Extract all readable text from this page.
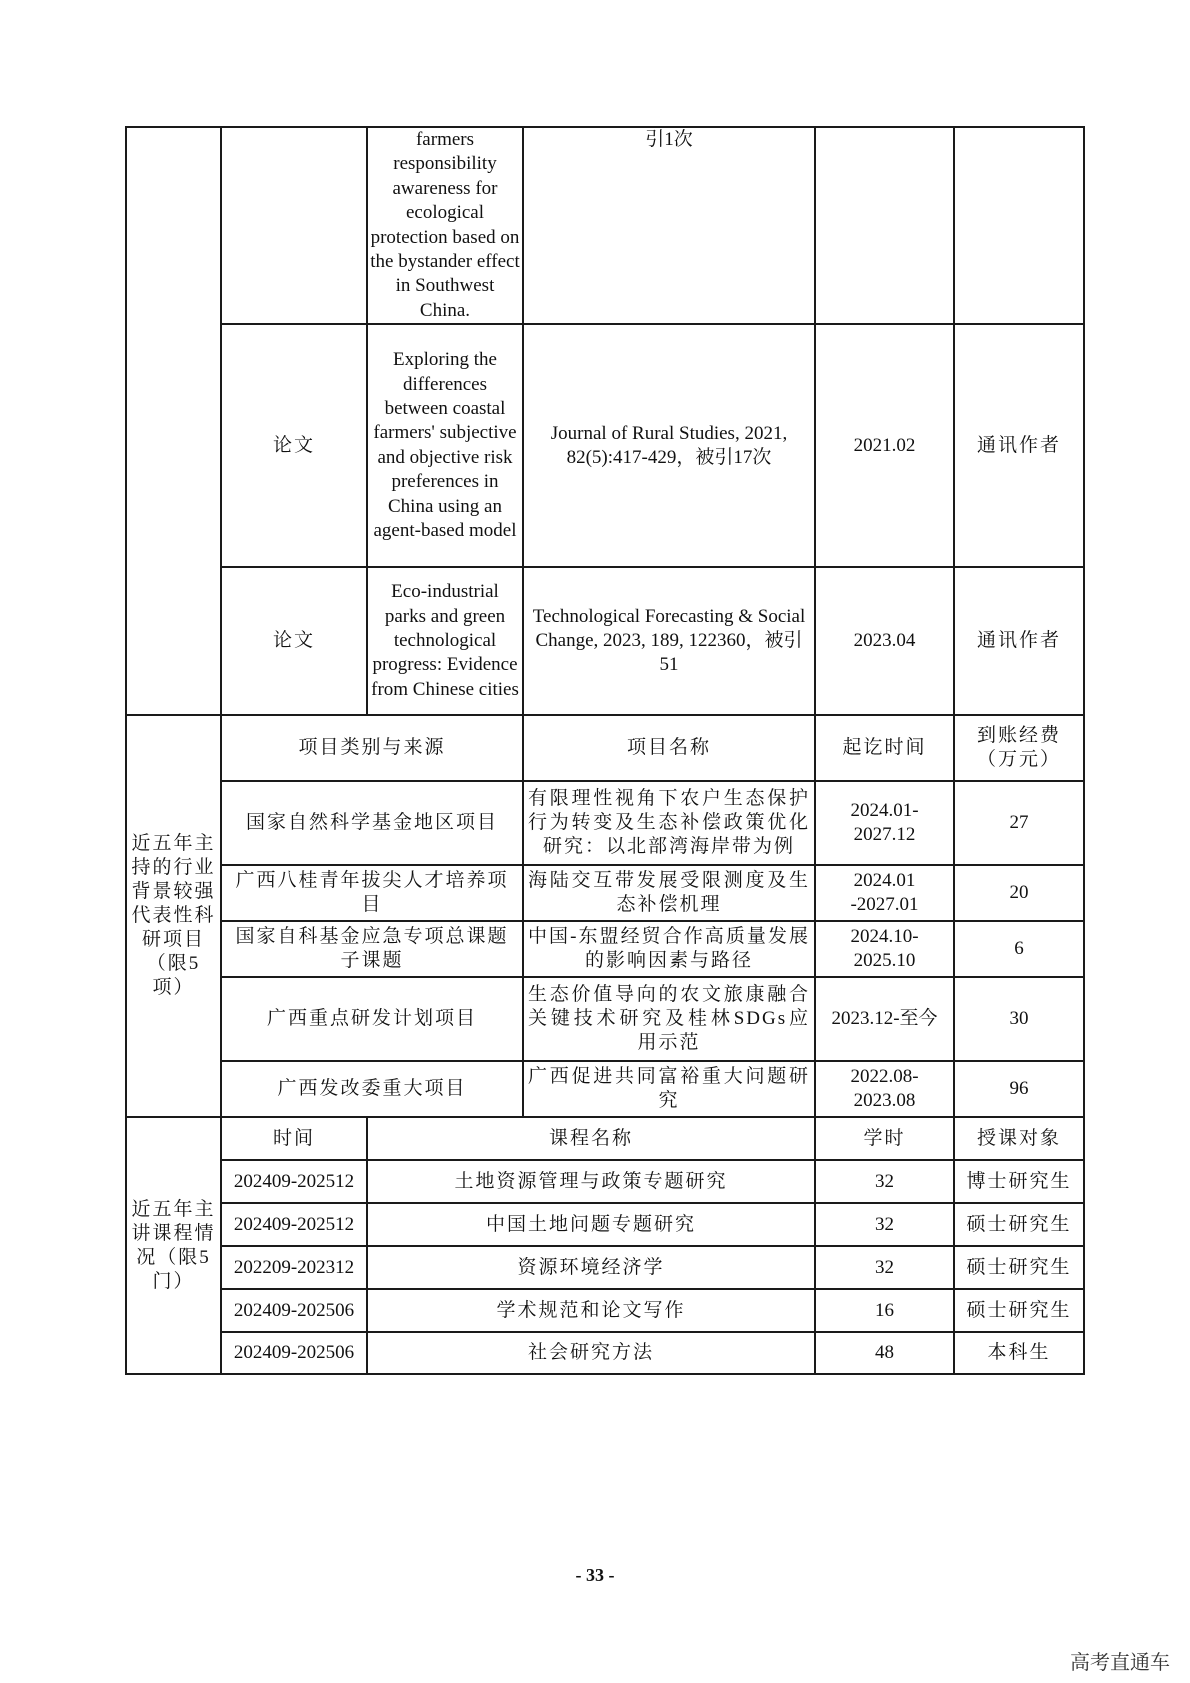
		farmers responsibility awareness for ecological protection based on the bystander effect in Southwest China.	引1次		
	论文	Exploring the differences between coastal farmers' subjective and objective risk preferences in China using an agent-based model	Journal of Rural Studies, 2021, 82(5):417-429，被引17次	2021.02	通讯作者
	论文	Eco-industrial parks and green technological progress: Evidence from Chinese cities	Technological Forecasting & Social Change, 2023, 189, 122360，被引51	2023.04	通讯作者
近五年主持的行业背景较强代表性科研项目（限5项）	项目类别与来源		项目名称	起讫时间	到账经费（万元）
	国家自然科学基金地区项目		有限理性视角下农户生态保护行为转变及生态补偿政策优化研究：以北部湾海岸带为例	2024.01-2027.12	27
	广西八桂青年拔尖人才培养项目		海陆交互带发展受限测度及生态补偿机理	2024.01 -2027.01	20
	国家自科基金应急专项总课题子课题		中国-东盟经贸合作高质量发展的影响因素与路径	2024.10-2025.10	6
	广西重点研发计划项目		生态价值导向的农文旅康融合关键技术研究及桂林SDGs应用示范	2023.12-至今	30
	广西发改委重大项目		广西促进共同富裕重大问题研究	2022.08-2023.08	96
近五年主讲课程情况（限5门）	时间	课程名称		学时	授课对象
	202409-202512	土地资源管理与政策专题研究		32	博士研究生
	202409-202512	中国土地问题专题研究		32	硕士研究生
	202209-202312	资源环境经济学		32	硕士研究生
	202409-202506	学术规范和论文写作		16	硕士研究生
	202409-202506	社会研究方法		48	本科生
- 33 -
高考直通车
